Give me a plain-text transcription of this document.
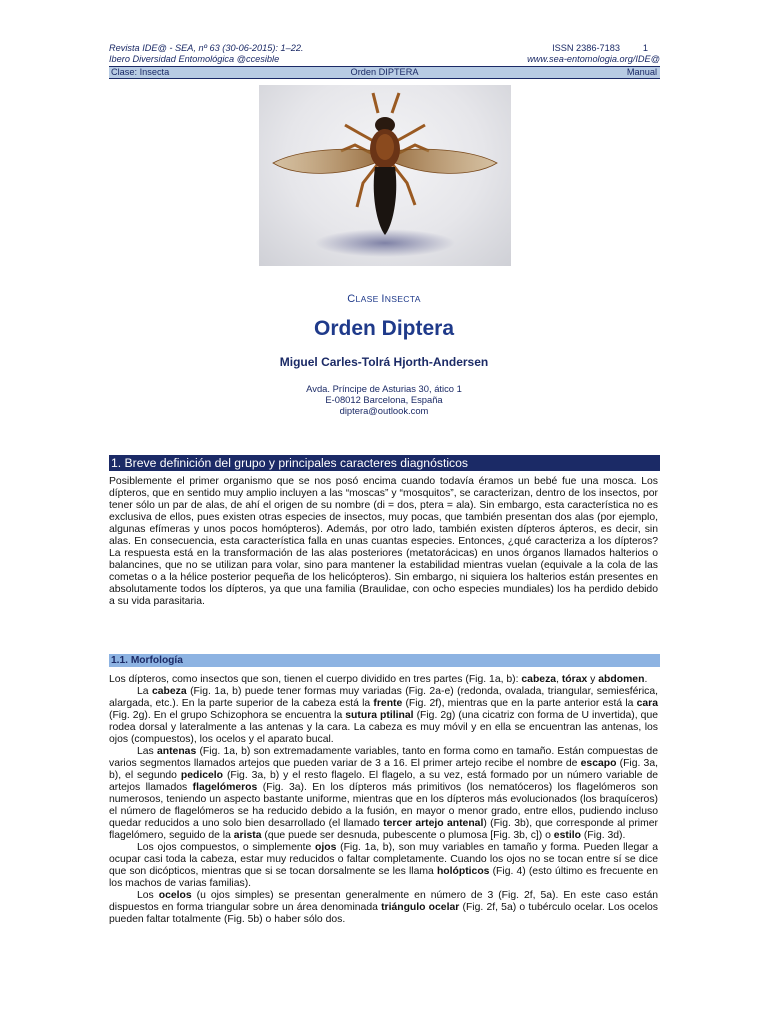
Revista IDE@ - SEA, nº 63 (30-06-2015): 1–22.	ISSN 2386-7183 1
Ibero Diversidad Entomológica @ccesible	www.sea-entomologia.org/IDE@
Clase: Insecta	Orden DIPTERA	Manual
CLASE INSECTA
Orden Diptera
Miguel Carles-Tolrá Hjorth-Andersen
Avda. Príncipe de Asturias 30, ático 1
E-08012 Barcelona, España
diptera@outlook.com
1. Breve definición del grupo y principales caracteres diagnósticos
Posiblemente el primer organismo que se nos posó encima cuando todavía éramos un bebé fue una mosca. Los dípteros, que en sentido muy amplio incluyen a las “moscas” y “mosquitos”, se caracterizan, dentro de los insectos, por tener sólo un par de alas, de ahí el origen de su nombre (di = dos, ptera = ala). Sin embargo, esta característica no es exclusiva de ellos, pues existen otras especies de insectos, muy pocas, que también presentan dos alas (por ejemplo, algunas efímeras y unos pocos homópteros). Además, por otro lado, también existen dípteros ápteros, es decir, sin alas. En consecuencia, esta característica falla en unas cuantas especies. Entonces, ¿qué caracteriza a los dípteros? La respuesta está en la transformación de las alas posteriores (metatorácicas) en unos órganos llamados halterios o balancines, que no se utilizan para volar, sino para mantener la estabilidad mientras vuelan (equivale a la cola de las cometas o a la hélice posterior pequeña de los helicópteros). Sin embargo, ni siquiera los halterios están presentes en absolutamente todos los dípteros, ya que una familia (Braulidae, con ocho especies mundiales) los ha perdido debido a su vida parasitaria.
1.1. Morfología

Los dípteros, como insectos que son, tienen el cuerpo dividido en tres partes (Fig. 1a, b): cabeza, tórax y abdomen.

La cabeza (Fig. 1a, b) puede tener formas muy variadas (Fig. 2a-e) (redonda, ovalada, triangular, semiesférica, alargada, etc.). En la parte superior de la cabeza está la frente (Fig. 2f), mientras que en la parte anterior está la cara (Fig. 2g). En el grupo Schizophora se encuentra la sutura ptilinal (Fig. 2g) (una cicatriz con forma de U invertida), que rodea dorsal y lateralmente a las antenas y la cara. La cabeza es muy móvil y en ella se encuentran las antenas, los ojos (compuestos), los ocelos y el aparato bucal.

Las antenas (Fig. 1a, b) son extremadamente variables, tanto en forma como en tamaño. Están compuestas de varios segmentos llamados artejos que pueden variar de 3 a 16. El primer artejo recibe el nombre de escapo (Fig. 3a, b), el segundo pedicelo (Fig. 3a, b) y el resto flagelo. El flagelo, a su vez, está formado por un número variable de artejos llamados flagelómeros (Fig. 3a). En los dípteros más primitivos (los nematóceros) los flagelómeros son numerosos, teniendo un aspecto bastante uniforme, mientras que en los dípteros más evolucionados (los braquíceros) el número de flagelómeros se ha reducido debido a la fusión, en mayor o menor grado, entre ellos, pudiendo incluso quedar reducidos a uno solo bien desarrollado (el llamado tercer artejo antenal) (Fig. 3b), que corresponde al primer flagelómero, seguido de la arista (que puede ser desnuda, pubescente o plumosa [Fig. 3b, c]) o estilo (Fig. 3d).

Los ojos compuestos, o simplemente ojos (Fig. 1a, b), son muy variables en tamaño y forma. Pueden llegar a ocupar casi toda la cabeza, estar muy reducidos o faltar completamente. Cuando los ojos no se tocan entre sí se dice que son dicópticos, mientras que si se tocan dorsalmente se les llama holópticos (Fig. 4) (esto último es frecuente en los machos de varias familias).

Los ocelos (u ojos simples) se presentan generalmente en número de 3 (Fig. 2f, 5a). En este caso están dispuestos en forma triangular sobre un área denominada triángulo ocelar (Fig. 2f, 5a) o tubérculo ocelar. Los ocelos pueden faltar totalmente (Fig. 5b) o haber sólo dos.
